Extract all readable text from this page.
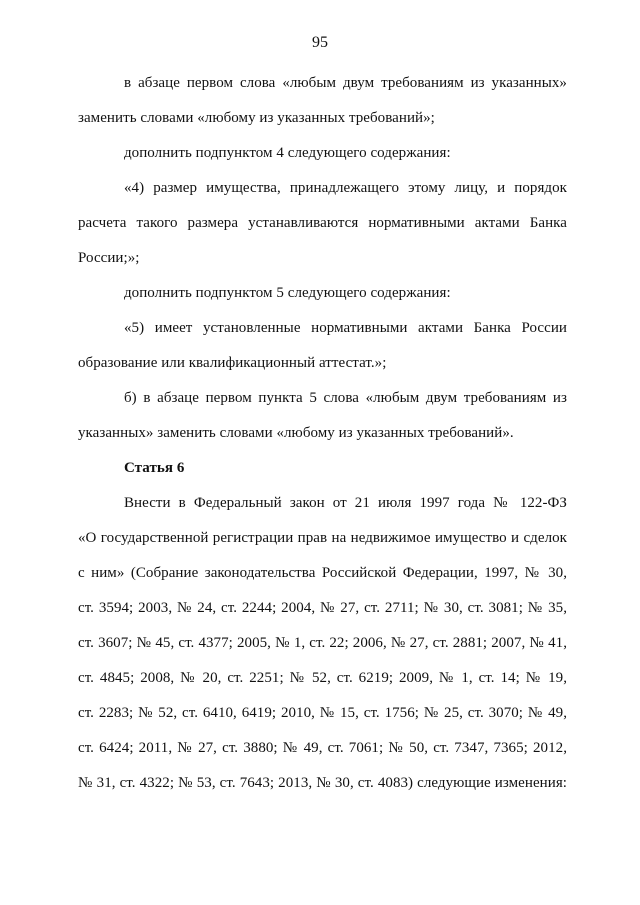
95

в абзаце первом слова «любым двум требованиям из указанных»
заменить словами «любому из указанных требований»;

дополнить подпунктом 4 следующего содержания:

«4) размер имущества, принадлежащего этому лицу, и порядок
расчета такого размера устанавливаются нормативными актами Банка
России;»;

дополнить подпунктом 5 следующего содержания:

«5) имеет установленные нормативными актами Банка России
образование или квалификационный аттестат.»;

б) в абзаце первом пункта 5 слова «любым двум требованиям из
указанных» заменить словами «любому из указанных требований».

Статья 6

Внести в Федеральный закон от 21 июля 1997 года № 122-ФЗ
«О государственной регистрации прав на недвижимое имущество и сделок
с ним» (Собрание законодательства Российской Федерации, 1997, № 30,
ст. 3594; 2003, № 24, ст. 2244; 2004, № 27, ст. 2711; № 30, ст. 3081; № 35,
ст. 3607; № 45, ст. 4377; 2005, № 1, ст. 22; 2006, № 27, ст. 2881; 2007, № 41,
ст. 4845; 2008, № 20, ст. 2251; № 52, ст. 6219; 2009, № 1, ст. 14; № 19,
ст. 2283; № 52, ст. 6410, 6419; 2010, № 15, ст. 1756; № 25, ст. 3070; № 49,
ст. 6424; 2011, № 27, ст. 3880; № 49, ст. 7061; № 50, ст. 7347, 7365; 2012,
№ 31, ст. 4322; № 53, ст. 7643; 2013, № 30, ст. 4083) следующие изменения:
